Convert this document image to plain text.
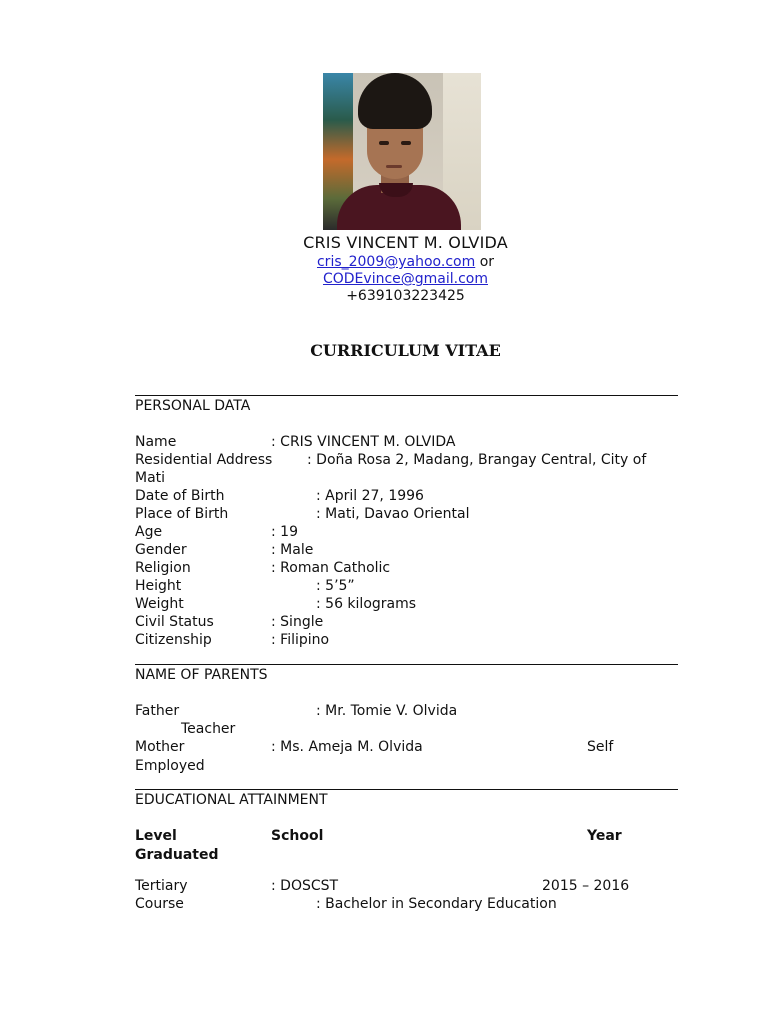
CRIS VINCENT M. OLVIDA
cris_2009@yahoo.com or
CODEvince@gmail.com
+639103223425
CURRICULUM VITAE
PERSONAL DATA
Name	: CRIS VINCENT M. OLVIDA
Residential Address : Doña Rosa 2, Madang, Brangay Central, City of
Mati
Date of Birth	: April 27, 1996
Place of Birth	: Mati, Davao Oriental
Age	: 19
Gender	: Male
Religion	: Roman Catholic
Height	: 5’5”
Weight	: 56 kilograms
Civil Status	: Single
Citizenship	: Filipino
NAME OF PARENTS
Father	: Mr. Tomie V. Olvida
Teacher
Mother	: Ms. Ameja M. Olvida	Self
Employed
EDUCATIONAL ATTAINMENT
Level	School	Year
Graduated
Tertiary	: DOSCST	2015 – 2016
Course	: Bachelor in Secondary Education
